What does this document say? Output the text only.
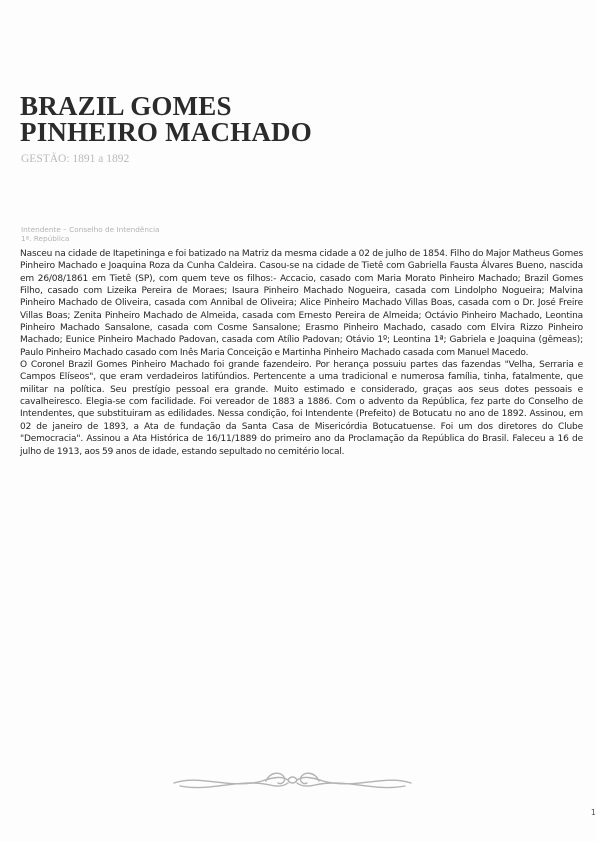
BRAZIL GOMES
PINHEIRO MACHADO
GESTÃO: 1891 a 1892
Intendente – Conselho de Intendência
1ª. República

Nasceu na cidade de Itapetininga e foi batizado na Matriz da mesma cidade a 02 de julho de 1854. Filho do Major Matheus Gomes Pinheiro Machado e Joaquina Roza da Cunha Caldeira. Casou-se na cidade de Tietê com Gabriella Fausta Álvares Bueno, nascida em 26/08/1861 em Tietê (SP), com quem teve os filhos:- Accacio, casado com Maria Morato Pinheiro Machado; Brazil Gomes Filho, casado com Lizeika Pereira de Moraes; Isaura Pinheiro Machado Nogueira, casada com Lindolpho Nogueira; Malvina Pinheiro Machado de Oliveira, casada com Annibal de Oliveira; Alice Pinheiro Machado Villas Boas, casada com o Dr. José Freire Villas Boas; Zenita Pinheiro Machado de Almeida, casada com Ernesto Pereira de Almeida; Octávio Pinheiro Machado, Leontina Pinheiro Machado Sansalone, casada com Cosme Sansalone; Erasmo Pinheiro Machado, casado com Elvira Rizzo Pinheiro Machado; Eunice Pinheiro Machado Padovan, casada com Atílio Padovan; Otávio 1º; Leontina 1ª; Gabriela e Joaquina (gêmeas); Paulo Pinheiro Machado casado com Inês Maria Conceição e Martinha Pinheiro Machado casada com Manuel Macedo.

O Coronel Brazil Gomes Pinheiro Machado foi grande fazendeiro. Por herança possuiu partes das fazendas "Velha, Serraria e Campos Elíseos", que eram verdadeiros latifúndios. Pertencente a uma tradicional e numerosa família, tinha, fatalmente, que militar na política. Seu prestígio pessoal era grande. Muito estimado e considerado, graças aos seus dotes pessoais e cavalheiresco. Elegia-se com facilidade. Foi vereador de 1883 a 1886. Com o advento da República, fez parte do Conselho de Intendentes, que substituiram as edilidades. Nessa condição, foi Intendente (Prefeito) de Botucatu no ano de 1892. Assinou, em 02 de janeiro de 1893, a Ata de fundação da Santa Casa de Misericórdia Botucatuense. Foi um dos diretores do Clube "Democracia". Assinou a Ata Histórica de 16/11/1889 do primeiro ano da Proclamação da República do Brasil. Faleceu a 16 de julho de 1913, aos 59 anos de idade, estando sepultado no cemitério local.

1
